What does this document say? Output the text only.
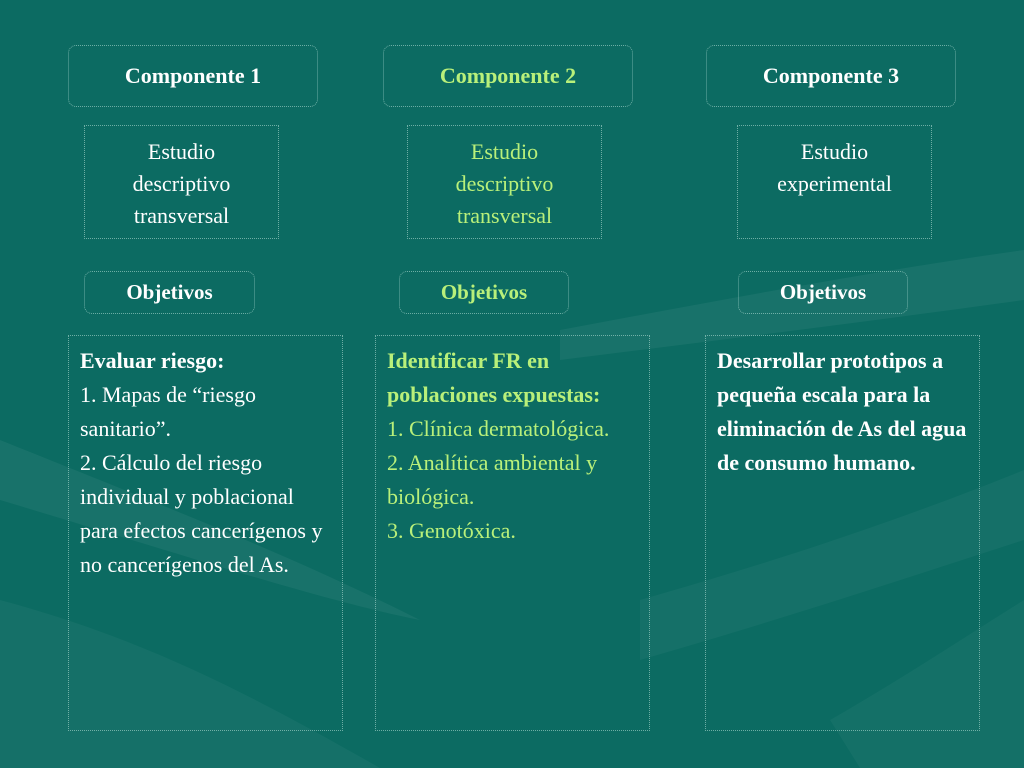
Componente 1	Componente 2	Componente 3
Estudio
descriptivo
transversal
Estudio
descriptivo
transversal
Estudio
experimental
Objetivos	Objetivos	Objetivos
Evaluar riesgo:
1. Mapas de “riesgo sanitario”.
2. Cálculo del riesgo individual y poblacional para efectos cancerígenos y no cancerígenos del As.
Identificar FR en poblaciones expuestas:
1. Clínica dermatológica.
2. Analítica ambiental y biológica.
3. Genotóxica.
Desarrollar prototipos a pequeña escala para la eliminación de As del agua de consumo humano.
